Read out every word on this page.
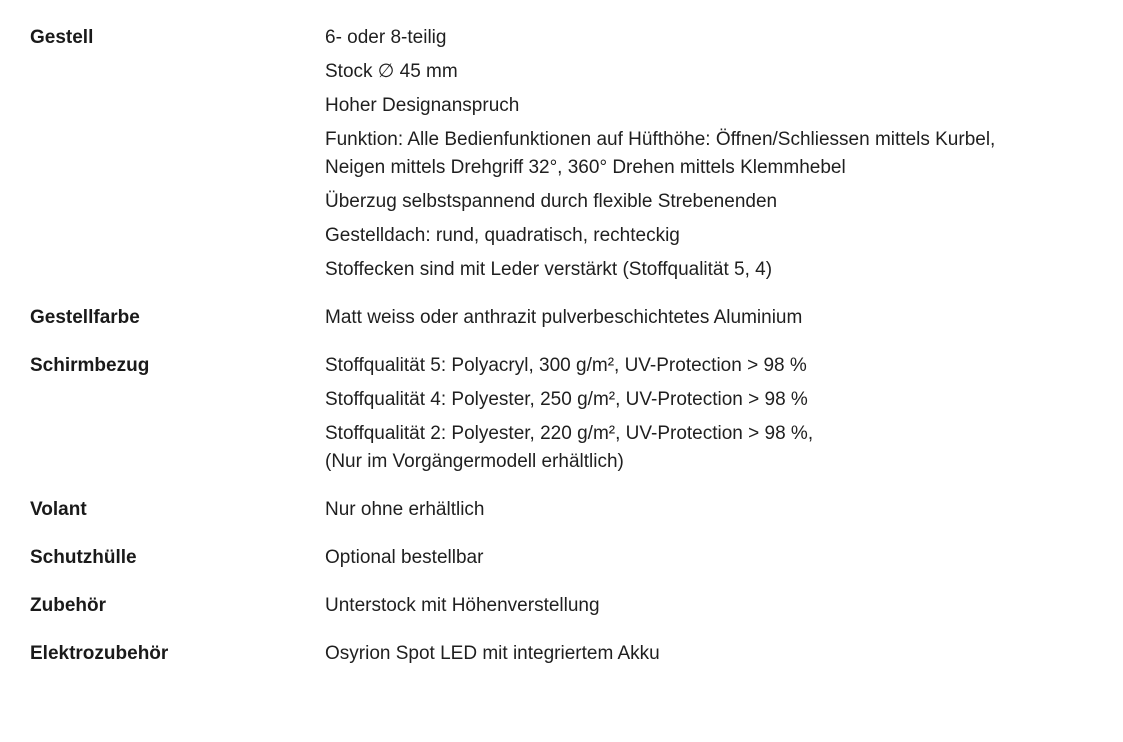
Gestell	6- oder 8-teilig
Stock ∅ 45 mm
Hoher Designanspruch
Funktion: Alle Bedienfunktionen auf Hüfthöhe: Öffnen/Schliessen mittels Kurbel,
Neigen mittels Drehgriff 32°, 360° Drehen mittels Klemmhebel
Überzug selbstspannend durch flexible Strebenenden
Gestelldach: rund, quadratisch, rechteckig
Stoffecken sind mit Leder verstärkt (Stoffqualität 5, 4)
Gestellfarbe	Matt weiss oder anthrazit pulverbeschichtetes Aluminium
Schirmbezug	Stoffqualität 5: Polyacryl, 300 g/m², UV-Protection > 98 %
Stoffqualität 4: Polyester, 250 g/m², UV-Protection > 98 %
Stoffqualität 2: Polyester, 220 g/m², UV-Protection > 98 %,
(Nur im Vorgängermodell erhältlich)
Volant	Nur ohne erhältlich
Schutzhülle	Optional bestellbar
Zubehör	Unterstock mit Höhenverstellung
Elektrozubehör	Osyrion Spot LED mit integriertem Akku
